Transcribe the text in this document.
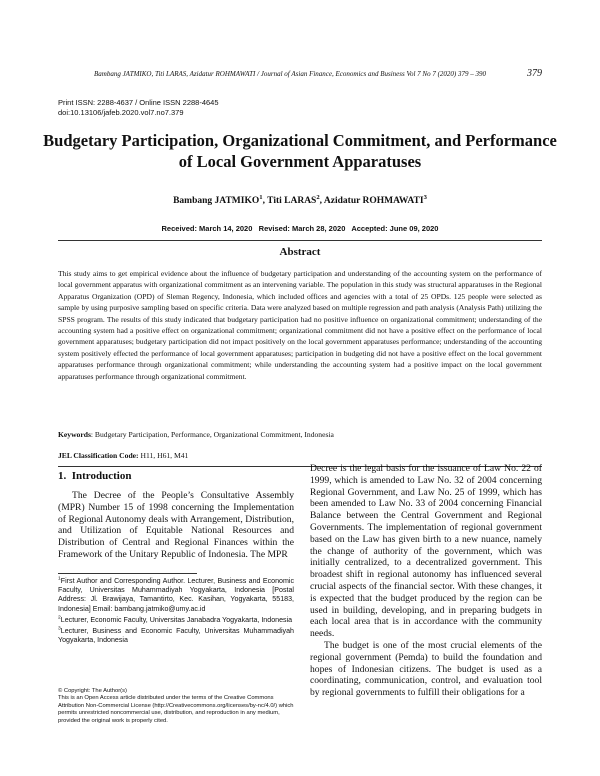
Bambang JATMIKO, Titi LARAS, Azidatur ROHMAWATI / Journal of Asian Finance, Economics and Business Vol 7 No 7 (2020) 379 – 390	379
Print ISSN: 2288-4637 / Online ISSN 2288-4645
doi:10.13106/jafeb.2020.vol7.no7.379
Budgetary Participation, Organizational Commitment, and Performance
of Local Government Apparatuses
Bambang JATMIKO$^1$, Titi LARAS$^2$, Azidatur ROHMAWATI$^3$
Received: March 14, 2020   Revised: March 28, 2020   Accepted: June 09, 2020
Abstract
This study aims to get empirical evidence about the influence of budgetary participation and understanding of the accounting system on the performance of local government apparatus with organizational commitment as an intervening variable. The population in this study was structural apparatuses in the Regional Apparatus Organization (OPD) of Sleman Regency, Indonesia, which included offices and agencies with a total of 25 OPDs. 125 people were selected as sample by using purposive sampling based on specific criteria. Data were analyzed based on multiple regression and path analysis (Analysis Path) utilizing the SPSS program. The results of this study indicated that budgetary participation had no positive influence on organizational commitment; understanding of the accounting system had a positive effect on organizational commitment; organizational commitment did not have a positive effect on the performance of local government apparatuses; budgetary participation did not impact positively on the local government apparatuses performance; understanding of the accounting system positively effected the performance of local government apparatuses; participation in budgeting did not have a positive effect on the local government apparatuses performance through organizational commitment; while understanding the accounting system had a positive impact on the local government apparatuses performance through organizational commitment.
Keywords: Budgetary Participation, Performance, Organizational Commitment, Indonesia
JEL Classification Code: H11, H61, M41
1.  Introduction

The Decree of the People’s Consultative Assembly (MPR) Number 15 of 1998 concerning the Implementation of Regional Autonomy deals with Arrangement, Distribution, and Utilization of Equitable National Resources and Distribution of Central and Regional Finances within the Framework of the Unitary Republic of Indonesia. The MPR

Decree is the legal basis for the issuance of Law No. 22 of 1999, which is amended to Law No. 32 of 2004 concerning Regional Government, and Law No. 25 of 1999, which has been amended to Law No. 33 of 2004 concerning Financial Balance between the Central Government and Regional Governments. The implementation of regional government based on the Law has given birth to a new nuance, namely the change of authority of the government, which was initially centralized, to a decentralized government. This broadest shift in regional autonomy has influenced several crucial aspects of the financial sector. With these changes, it is expected that the budget produced by the region can be used in building, developing, and in preparing budgets in each local area that is in accordance with the community needs.

The budget is one of the most crucial elements of the regional government (Pemda) to build the foundation and hopes of Indonesian citizens. The budget is used as a coordinating, communication, control, and evaluation tool by regional governments to fulfill their obligations for a

$^1$First Author and Corresponding Author. Lecturer, Business and Economic Faculty, Universitas Muhammadiyah Yogyakarta, Indonesia [Postal Address: Jl. Brawijaya, Tamantirto, Kec. Kasihan, Yogyakarta, 55183, Indonesia] Email: bambang.jatmiko@umy.ac.id

$^2$Lecturer, Economic Faculty, Universitas Janabadra Yogyakarta, Indonesia

$^3$Lecturer, Business and Economic Faculty, Universitas Muhammadiyah Yogyakarta, Indonesia

© Copyright: The Author(s)
This is an Open Access article distributed under the terms of the Creative Commons Attribution Non-Commercial License (http://Creativecommons.org/licenses/by-nc/4.0/) which permits unrestricted noncommercial use, distribution, and reproduction in any medium, provided the original work is properly cited.
